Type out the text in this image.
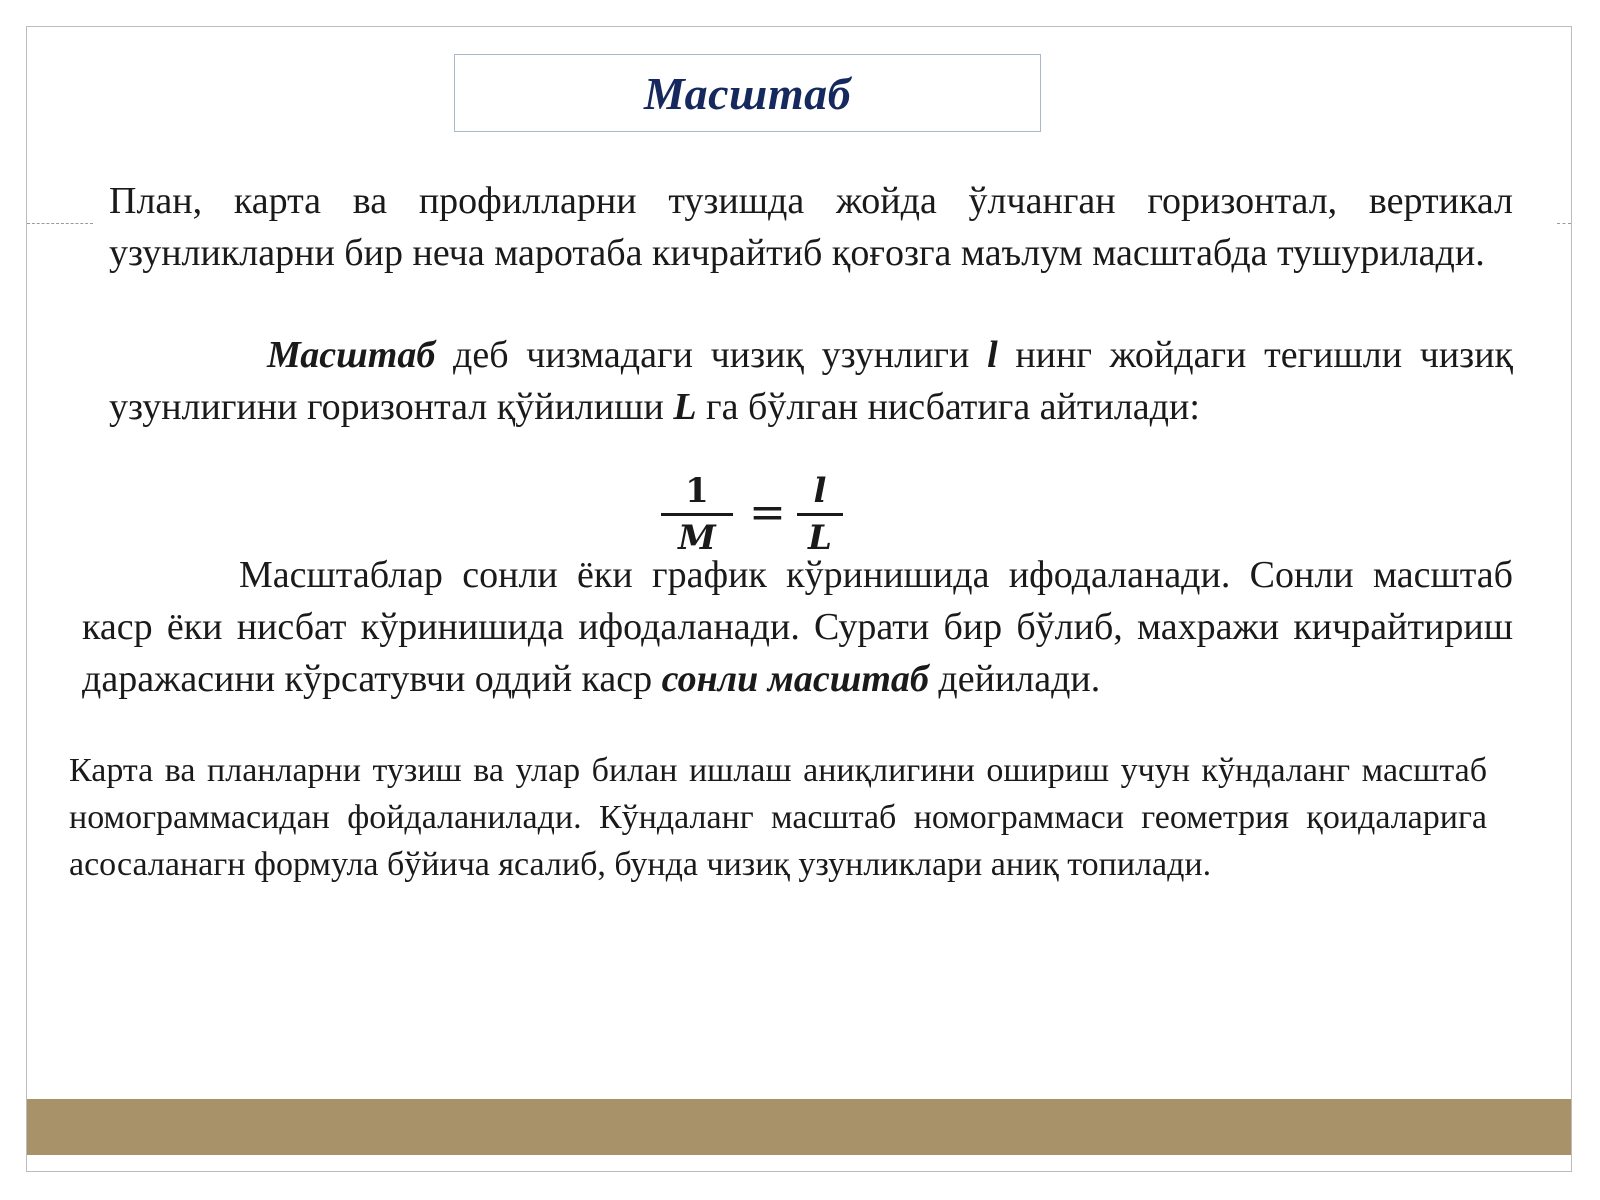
Масштаб

План, карта ва профилларни тузишда жойда ўлчанган горизонтал, вертикал узунликларни бир неча маротаба кичрайтиб қоғозга маълум масштабда тушурилади.

Масштаб деб чизмадаги чизиқ узунлиги l нинг жойдаги тегишли чизиқ узунлигини горизонтал қўйилиши L га бўлган нисбатига айтилади:

1
M = l
L

Масштаблар сонли ёки график кўринишида ифодаланади. Сонли масштаб каср ёки нисбат кўринишида ифодаланади. Сурати бир бўлиб, махражи кичрайтириш даражасини кўрсатувчи оддий каср сонли масштаб дейилади.

Карта ва планларни тузиш ва улар билан ишлаш аниқлигини ошириш учун кўндаланг масштаб номограммасидан фойдаланилади. Кўндаланг масштаб номограммаси геометрия қоидаларига асосаланагн формула бўйича ясалиб, бунда чизиқ узунликлари аниқ топилади.
